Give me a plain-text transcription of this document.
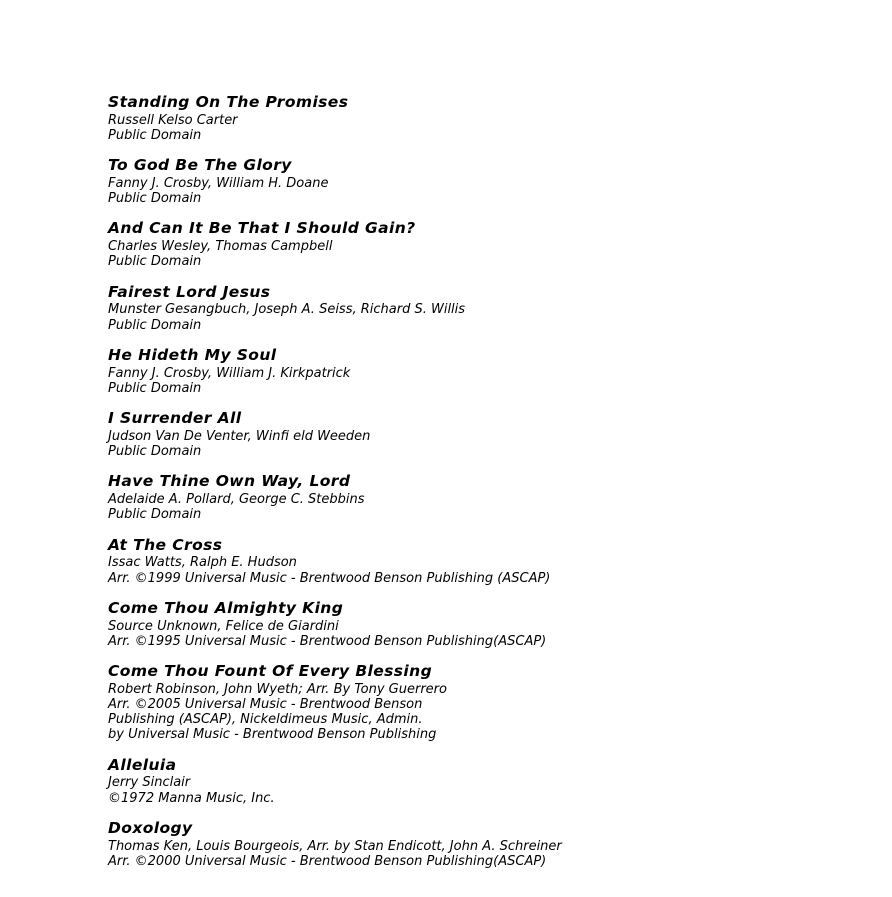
Standing On The Promises
Russell Kelso Carter
Public Domain
To God Be The Glory
Fanny J. Crosby, William H. Doane
Public Domain
And Can It Be That I Should Gain?
Charles Wesley, Thomas Campbell
Public Domain
Fairest Lord Jesus
Munster Gesangbuch, Joseph A. Seiss, Richard S. Willis
Public Domain
He Hideth My Soul
Fanny J. Crosby, William J. Kirkpatrick
Public Domain
I Surrender All
Judson Van De Venter, Winfi eld Weeden
Public Domain
Have Thine Own Way, Lord
Adelaide A. Pollard, George C. Stebbins
Public Domain
At The Cross
Issac Watts, Ralph E. Hudson
Arr. ©1999 Universal Music - Brentwood Benson Publishing (ASCAP)
Come Thou Almighty King
Source Unknown, Felice de Giardini
Arr. ©1995 Universal Music - Brentwood Benson Publishing(ASCAP)
Come Thou Fount Of Every Blessing
Robert Robinson, John Wyeth; Arr. By Tony Guerrero
Arr. ©2005 Universal Music - Brentwood Benson
Publishing (ASCAP), Nickeldimeus Music, Admin.
by Universal Music - Brentwood Benson Publishing
Alleluia
Jerry Sinclair
©1972 Manna Music, Inc.
Doxology
Thomas Ken, Louis Bourgeois, Arr. by Stan Endicott, John A. Schreiner
Arr. ©2000 Universal Music - Brentwood Benson Publishing(ASCAP)
